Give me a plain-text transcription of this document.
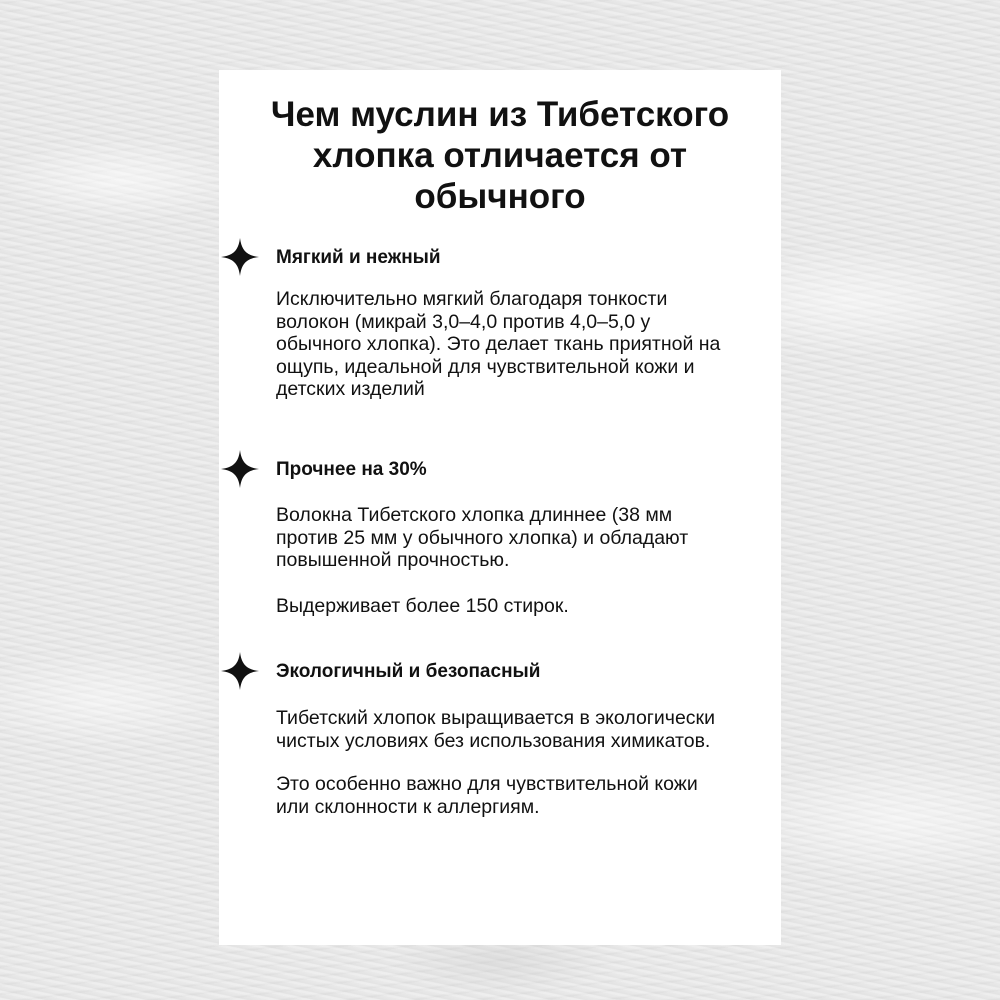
Чем муслин из Тибетского
хлопка отличается от
обычного
Мягкий и нежный

Исключительно мягкий благодаря тонкости
волокон (микрай 3,0–4,0 против 4,0–5,0 у
обычного хлопка). Это делает ткань приятной на
ощупь, идеальной для чувствительной кожи и
детских изделий

Прочнее на 30%

Волокна Тибетского хлопка длиннее (38 мм
против 25 мм у обычного хлопка) и обладают
повышенной прочностью.

Выдерживает более 150 стирок.

Экологичный и безопасный

Тибетский хлопок выращивается в экологически
чистых условиях без использования химикатов.

Это особенно важно для чувствительной кожи
или склонности к аллергиям.
